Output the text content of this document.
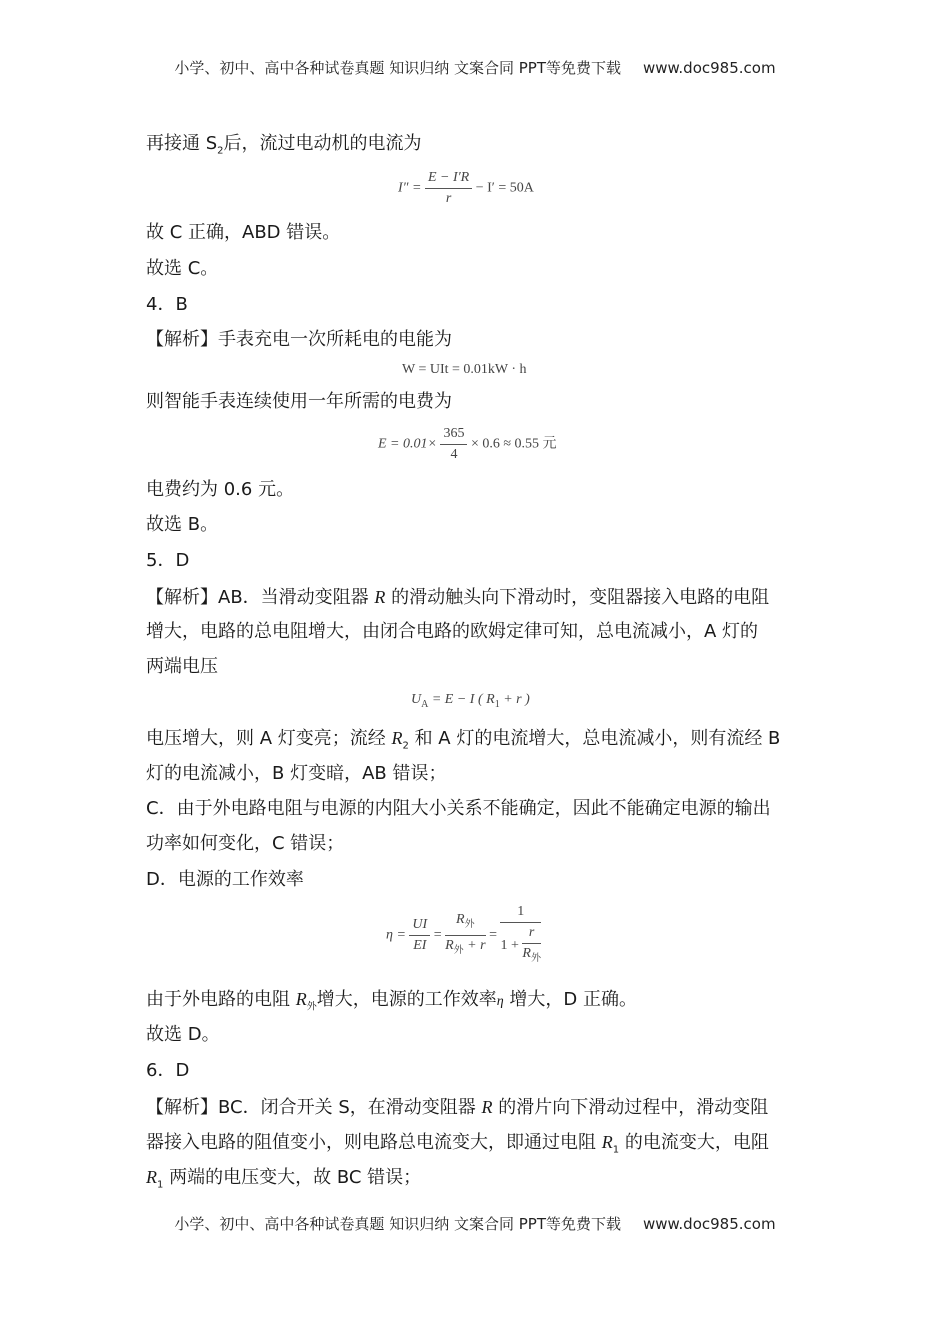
小学、初中、高中各种试卷真题 知识归纳 文案合同 PPT等免费下载 www.doc985.com
再接通 $S_2$后，流过电动机的电流为
$I'' = \frac{E - I'R}{r} - I' = 50A$
故 C 正确，ABD 错误。
故选 C。
4．B
【解析】手表充电一次所耗电的电能为
W = UIt = 0.01kW · h
则智能手表连续使用一年所需的电费为
$E = 0.01\times \frac{365}{4} \times 0.6 \approx 0.55$ 元
电费约为 0.6 元。
故选 B。
5．D
【解析】AB．当滑动变阻器 R 的滑动触头向下滑动时，变阻器接入电路的电阻
增大，电路的总电阻增大，由闭合电路的欧姆定律可知，总电流减小，A 灯的
两端电压
$U_A = E - I$ ( $R_1 + r$ )
电压增大，则 A 灯变亮；流经 $R_2$ 和 A 灯的电流增大，总电流减小，则有流经 B
灯的电流减小，B 灯变暗，AB 错误；
C．由于外电路电阻与电源的内阻大小关系不能确定，因此不能确定电源的输出
功率如何变化，C 错误；
D．电源的工作效率
$\eta = \frac{UI}{EI} = \frac{R_外}{R_外 + r} = \frac{1}{1 + \frac{r}{R_外}}$
由于外电路的电阻 $R_外$增大，电源的工作效率η 增大，D 正确。
故选 D。
6．D
【解析】BC．闭合开关 S，在滑动变阻器 R 的滑片向下滑动过程中，滑动变阻
器接入电路的阻值变小，则电路总电流变大，即通过电阻 $R_1$ 的电流变大，电阻
$R_1$ 两端的电压变大，故 BC 错误；
小学、初中、高中各种试卷真题 知识归纳 文案合同 PPT等免费下载 www.doc985.com
